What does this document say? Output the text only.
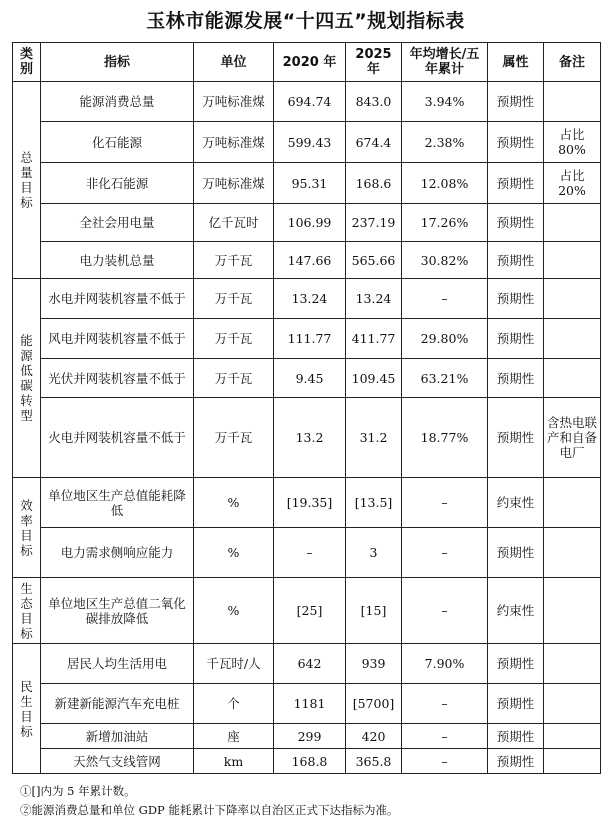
玉林市能源发展“十四五”规划指标表
类别	指标	单位	2020 年	2025 年	年均增长/五年累计	属性	备注

总量目标	能源消费总量	万吨标准煤	694.74	843.0	3.94%	预期性	
	化石能源	万吨标准煤	599.43	674.4	2.38%	预期性	占比 80%
	非化石能源	万吨标准煤	95.31	168.6	12.08%	预期性	占比 20%
	全社会用电量	亿千瓦时	106.99	237.19	17.26%	预期性	
	电力装机总量	万千瓦	147.66	565.66	30.82%	预期性	

能源低碳转型	水电并网装机容量不低于	万千瓦	13.24	13.24	–	预期性	
	风电并网装机容量不低于	万千瓦	111.77	411.77	29.80%	预期性	
	光伏并网装机容量不低于	万千瓦	9.45	109.45	63.21%	预期性	
	火电并网装机容量不低于	万千瓦	13.2	31.2	18.77%	预期性	含热电联产和自备电厂

效率目标	单位地区生产总值能耗降低	%	[19.35]	[13.5]	–	约束性	
	电力需求侧响应能力	%	–	3	–	预期性	

生态目标	单位地区生产总值二氧化碳排放降低	%	[25]	[15]	–	约束性	

民生目标	居民人均生活用电	千瓦时/人	642	939	7.90%	预期性	
	新建新能源汽车充电桩	个	1181	[5700]	–	预期性	
	新增加油站	座	299	420	–	预期性	
	天然气支线管网	km	168.8	365.8	–	预期性	
①[]内为 5 年累计数。
②能源消费总量和单位 GDP 能耗累计下降率以自治区正式下达指标为准。
